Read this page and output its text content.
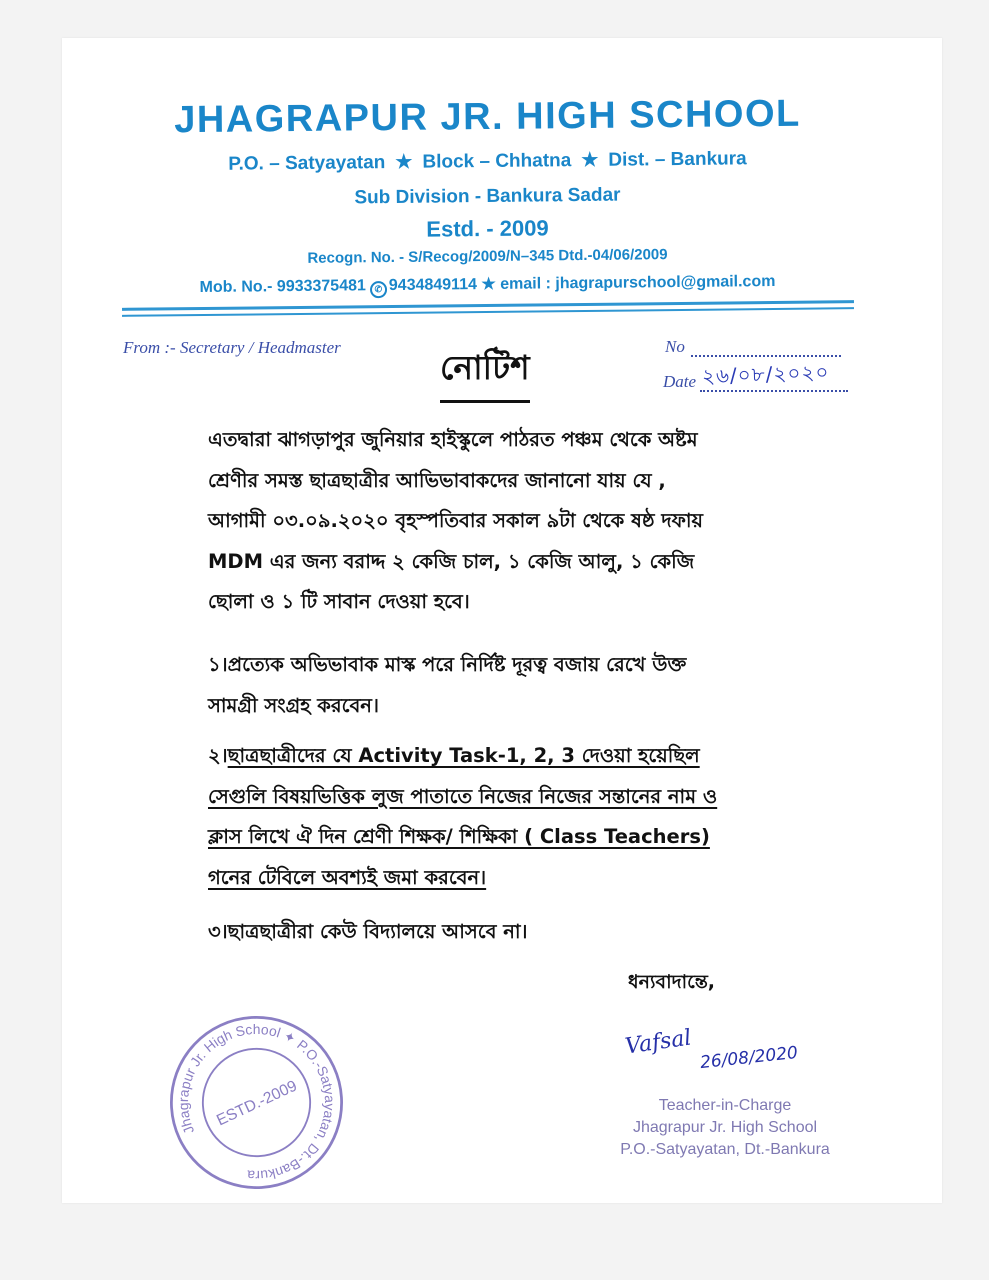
JHAGRAPUR JR. HIGH SCHOOL
P.O. – Satyayatan ★ Block – Chhatna ★ Dist. – Bankura
Sub Division - Bankura Sadar
Estd. - 2009
Recogn. No. - S/Recog/2009/N–345 Dtd.-04/06/2009
Mob. No.- 9933375481 ✆ 9434849114 ★ email : jhagrapurschool@gmail.com
From :- Secretary / Headmaster	No
Date ২৬/০৮/২০২০
নোটিশ
এতদ্বারা ঝাগড়াপুর জুনিয়ার হাইস্কুলে পাঠরত পঞ্চম থেকে অষ্টম
শ্রেণীর সমস্ত ছাত্রছাত্রীর আভিভাবাকদের জানানো যায় যে ,
আগামী ০৩.০৯.২০২০ বৃহস্পতিবার সকাল ৯টা থেকে ষষ্ঠ দফায়
MDM এর জন্য বরাদ্দ ২ কেজি চাল, ১ কেজি আলু, ১ কেজি
ছোলা ও ১ টি সাবান দেওয়া হবে।
১।প্রত্যেক অভিভাবাক মাস্ক পরে নির্দিষ্ট দূরত্ব বজায় রেখে উক্ত
সামগ্রী সংগ্রহ করবেন।
২।ছাত্রছাত্রীদের যে Activity Task-1, 2, 3 দেওয়া হয়েছিল
সেগুলি বিষয়ভিত্তিক লুজ পাতাতে নিজের নিজের সন্তানের নাম ও
ক্লাস লিখে ঐ দিন শ্রেণী শিক্ষক/ শিক্ষিকা ( Class Teachers)
গনের টেবিলে অবশ্যই জমা করবেন।
৩।ছাত্রছাত্রীরা কেউ বিদ্যালয়ে আসবে না।
ধন্যবাদান্তে,
Vafsal 26/08/2020
Teacher-in-Charge
Jhagrapur Jr. High School
P.O.-Satyayatan, Dt.-Bankura
Jhagrapur Jr. High School ✦ P.O.-Satyayatan, Dt.-Bankura
ESTD.-2009
